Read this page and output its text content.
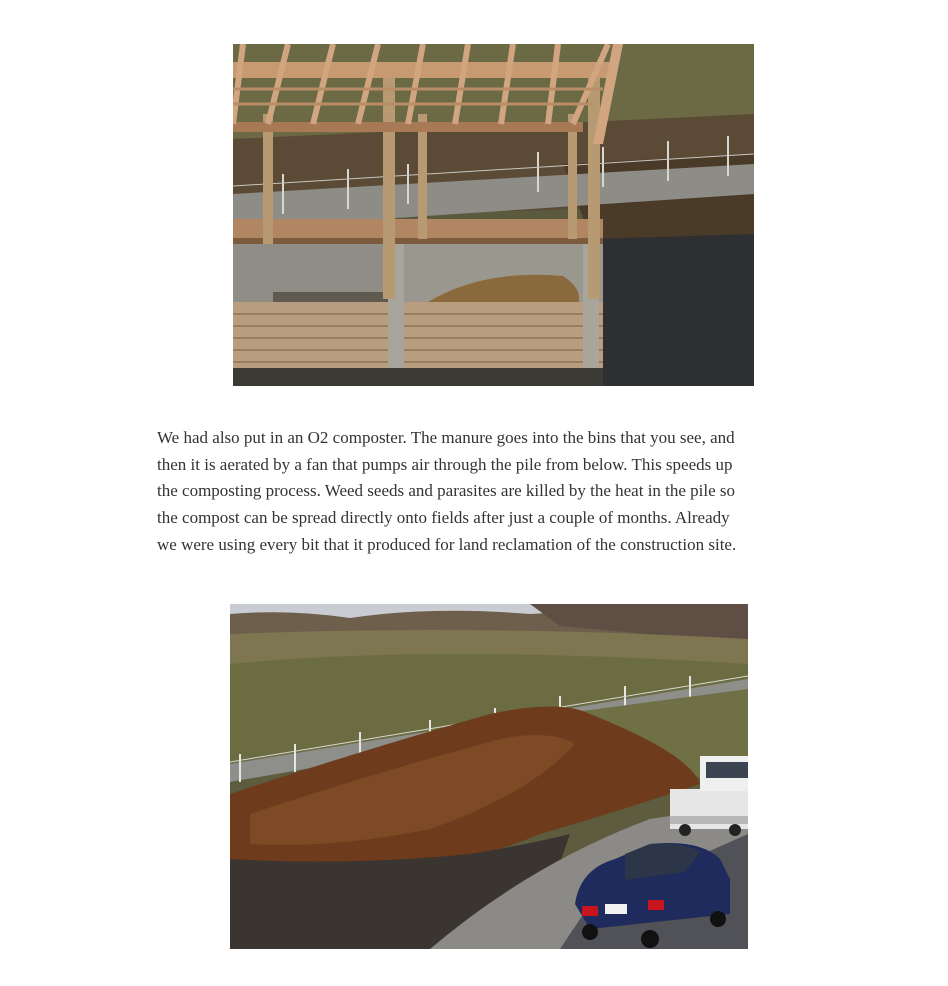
We had also put in an O2 composter. The manure goes into the bins that you see, and
then it is aerated by a fan that pumps air through the pile from below. This speeds up
the composting process. Weed seeds and parasites are killed by the heat in the pile so
the compost can be spread directly onto fields after just a couple of months. Already
we were using every bit that it produced for land reclamation of the construction site.
